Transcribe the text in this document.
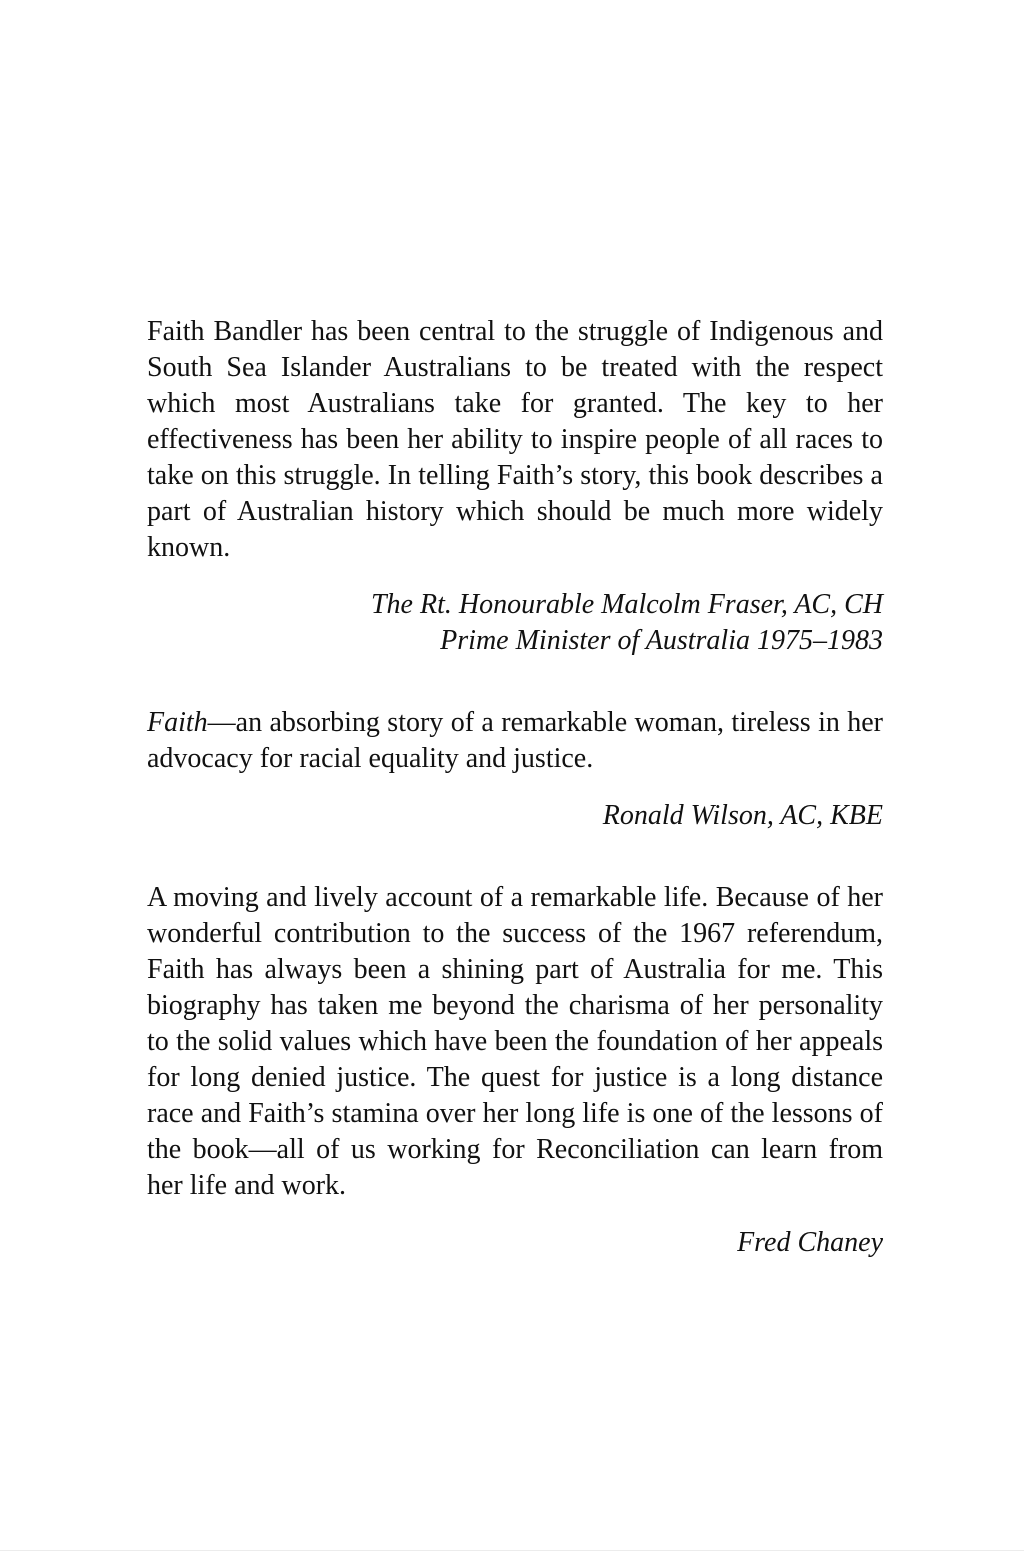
Faith Bandler has been central to the struggle of Indigenous and South Sea Islander Australians to be treated with the respect which most Australians take for granted. The key to her effectiveness has been her ability to inspire people of all races to take on this struggle. In telling Faith’s story, this book describes a part of Australian history which should be much more widely known.

The Rt. Honourable Malcolm Fraser, AC, CH
Prime Minister of Australia 1975–1983

Faith—an absorbing story of a remarkable woman, tireless in her advocacy for racial equality and justice.

Ronald Wilson, AC, KBE

A moving and lively account of a remarkable life. Because of her wonderful contribution to the success of the 1967 referendum, Faith has always been a shining part of Australia for me. This biography has taken me beyond the charisma of her personality to the solid values which have been the foundation of her appeals for long denied justice. The quest for justice is a long distance race and Faith’s stamina over her long life is one of the lessons of the book—all of us working for Reconciliation can learn from her life and work.

Fred Chaney
